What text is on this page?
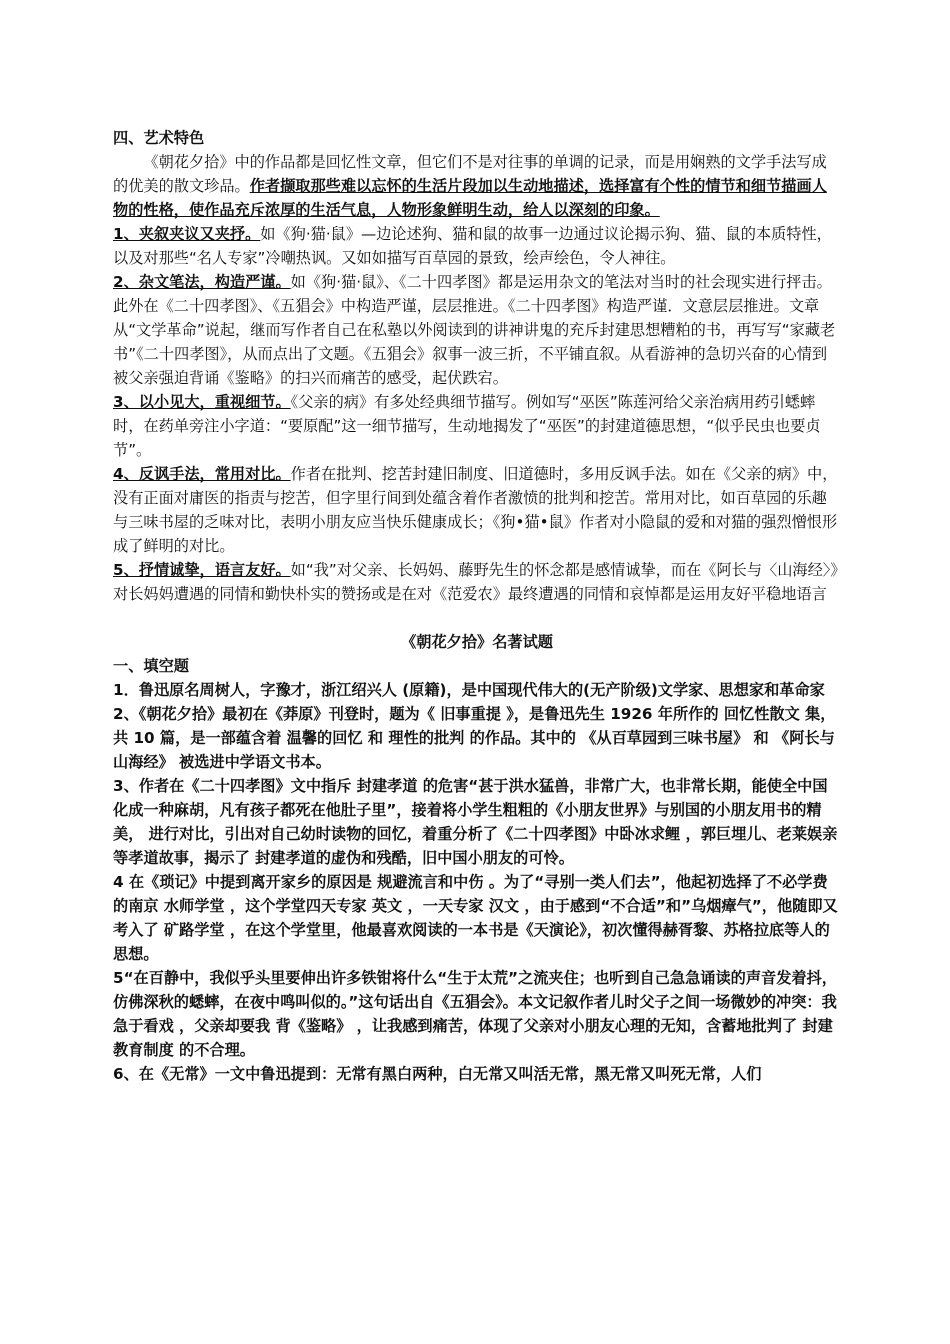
四、艺术特色

《朝花夕拾》中的作品都是回忆性文章，但它们不是对往事的单调的记录，而是用娴熟的文学手法写成的优美的散文珍品。作者撷取那些难以忘怀的生活片段加以生动地描述，选择富有个性的情节和细节描画人物的性格，使作品充斥浓厚的生活气息，人物形象鲜明生动，给人以深刻的印象。

1、夹叙夹议又夹抒。如《狗·猫·鼠》—边论述狗、猫和鼠的故事一边通过议论揭示狗、猫、鼠的本质特性，以及对那些“名人专家”冷嘲热讽。又如如描写百草园的景致，绘声绘色，令人神往。

2、杂文笔法，构造严谨。如《狗·猫·鼠》、《二十四孝图》都是运用杂文的笔法对当时的社会现实进行抨击。此外在《二十四孝图》、《五猖会》中构造严谨，层层推进。《二十四孝图》构造严谨．文意层层推进。文章从“文学革命”说起，继而写作者自己在私塾以外阅读到的讲神讲鬼的充斥封建思想糟粕的书，再写写“家藏老书”《二十四孝图》，从而点出了文题。《五猖会》叙事一波三折，不平铺直叙。从看游神的急切兴奋的心情到被父亲强迫背诵《鉴略》的扫兴而痛苦的感受，起伏跌宕。

3、以小见大，重视细节。《父亲的病》有多处经典细节描写。例如写“巫医”陈莲河给父亲治病用药引蟋蟀时，在药单旁注小字道：“要原配”这一细节描写，生动地揭发了“巫医”的封建道德思想，“似乎民虫也要贞节”。

4、反讽手法，常用对比。作者在批判、挖苦封建旧制度、旧道德时，多用反讽手法。如在《父亲的病》中，没有正面对庸医的指责与挖苦，但字里行间到处蕴含着作者激愤的批判和挖苦。常用对比，如百草园的乐趣与三味书屋的乏味对比，表明小朋友应当快乐健康成长；《狗•猫•鼠》作者对小隐鼠的爱和对猫的强烈憎恨形成了鲜明的对比。

5、抒情诚挚，语言友好。如“我”对父亲、长妈妈、藤野先生的怀念都是感情诚挚，而在《阿长与〈山海经〉》对长妈妈遭遇的同情和勤快朴实的赞扬或是在对《范爱农》最终遭遇的同情和哀悼都是运用友好平稳地语言

《朝花夕拾》名著试题

一、填空题

1．鲁迅原名周树人，字豫才，浙江绍兴人 (原籍)，是中国现代伟大的(无产阶级)文学家、思想家和革命家

2、《朝花夕拾》最初在《莽原》刊登时，题为《 旧事重提 》，是鲁迅先生 1926 年所作的 回忆性散文 集，共 10 篇，是一部蕴含着 温馨的回忆 和 理性的批判 的作品。其中的 《从百草园到三味书屋》 和 《阿长与山海经》 被选进中学语文书本。

3、作者在《二十四孝图》文中指斥 封建孝道 的危害“甚于洪水猛兽，非常广大，也非常长期，能使全中国化成一种麻胡，凡有孩子都死在他肚子里”，接着将小学生粗粗的《小朋友世界》与别国的小朋友用书的精美， 进行对比，引出对自己幼时读物的回忆，着重分析了《二十四孝图》中卧冰求鲤 ，郭巨埋儿、老莱娱亲 等孝道故事，揭示了 封建孝道的虚伪和残酷，旧中国小朋友的可怜。

4 在《琐记》中提到离开家乡的原因是 规避流言和中伤 。为了“寻别一类人们去”，他起初选择了不必学费的南京 水师学堂 ，这个学堂四天专家 英文 ，一天专家 汉文 ，由于感到“不合适”和”乌烟瘴气”，他随即又考入了 矿路学堂 ，在这个学堂里，他最喜欢阅读的一本书是《天演论》，初次懂得赫胥黎、苏格拉底等人的思想。

5“在百静中，我似乎头里要伸出许多铁钳将什么“生于太荒”之流夹住；也听到自己急急诵读的声音发着抖，仿佛深秋的蟋蟀，在夜中鸣叫似的。”这句话出自《五猖会》。本文记叙作者儿时父子之间一场微妙的冲突：我 急于看戏 ，父亲却要我 背《鉴略》 ，让我感到痛苦，体现了父亲对小朋友心理的无知，含蓄地批判了 封建教育制度 的不合理。

6、在《无常》一文中鲁迅提到：无常有黑白两种，白无常又叫活无常，黑无常又叫死无常，人们
